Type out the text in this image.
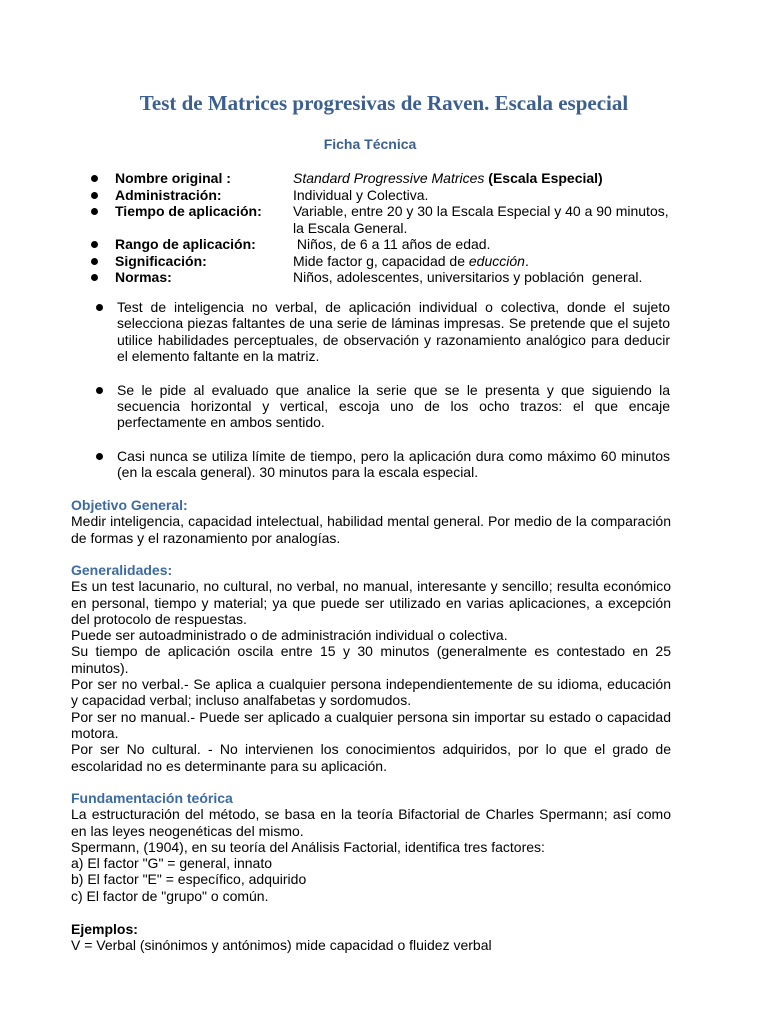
Test de Matrices progresivas de Raven. Escala especial
Ficha Técnica
Nombre original :	Standard Progressive Matrices (Escala Especial)
Administración:	Individual y Colectiva.
Tiempo de aplicación: Variable, entre 20 y 30 la Escala Especial y 40 a 90 minutos, la Escala General.
Rango de aplicación:	Niños, de 6 a 11 años de edad.
Significación:	Mide factor g, capacidad de educción.
Normas:	Niños, adolescentes, universitarios y población  general.
Test de inteligencia no verbal, de aplicación individual o colectiva, donde el sujeto selecciona piezas faltantes de una serie de láminas impresas. Se pretende que el sujeto utilice habilidades perceptuales, de observación y razonamiento analógico para deducir el elemento faltante en la matriz.
Se le pide al evaluado que analice la serie que se le presenta y que siguiendo la secuencia horizontal y vertical, escoja uno de los ocho trazos: el que encaje perfectamente en ambos sentido.
Casi nunca se utiliza límite de tiempo, pero la aplicación dura como máximo 60 minutos (en la escala general). 30 minutos para la escala especial.
Objetivo General:

Medir inteligencia, capacidad intelectual, habilidad mental general. Por medio de la comparación de formas y el razonamiento por analogías.

Generalidades:

Es un test lacunario, no cultural, no verbal, no manual, interesante y sencillo; resulta económico en personal, tiempo y material; ya que puede ser utilizado en varias aplicaciones, a excepción del protocolo de respuestas.

Puede ser autoadministrado o de administración individual o colectiva.

Su tiempo de aplicación oscila entre 15 y 30 minutos (generalmente es contestado en 25 minutos).

Por ser no verbal.- Se aplica a cualquier persona independientemente de su idioma, educación y capacidad verbal; incluso analfabetas y sordomudos.

Por ser no manual.- Puede ser aplicado a cualquier persona sin importar su estado o capacidad motora.

Por ser No cultural. - No intervienen los conocimientos adquiridos, por lo que el grado de escolaridad no es determinante para su aplicación.

Fundamentación teórica

La estructuración del método, se basa en la teoría Bifactorial de Charles Spermann; así como en las leyes neogenéticas del mismo.

Spermann, (1904), en su teoría del Análisis Factorial, identifica tres factores:

a) El factor "G" = general, innato

b) El factor "E" = específico, adquirido

c) El factor de "grupo" o común.

Ejemplos:

V = Verbal (sinónimos y antónimos) mide capacidad o fluidez verbal
